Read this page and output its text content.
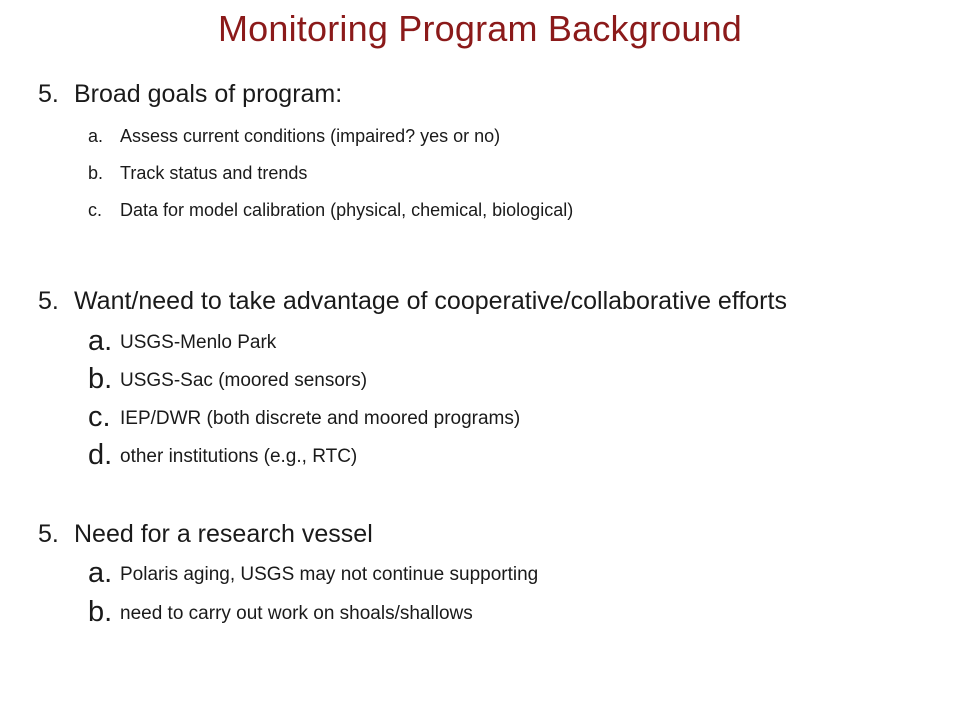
Monitoring Program Background
5. Broad goals of program:
a. Assess current conditions (impaired? yes or no)
b. Track status and trends
c. Data for model calibration (physical, chemical, biological)
5. Want/need to take advantage of cooperative/collaborative efforts
a. USGS-Menlo Park
b. USGS-Sac (moored sensors)
c. IEP/DWR (both discrete and moored programs)
d. other institutions (e.g., RTC)
5. Need for a research vessel
a. Polaris aging, USGS may not continue supporting
b. need to carry out work on shoals/shallows
